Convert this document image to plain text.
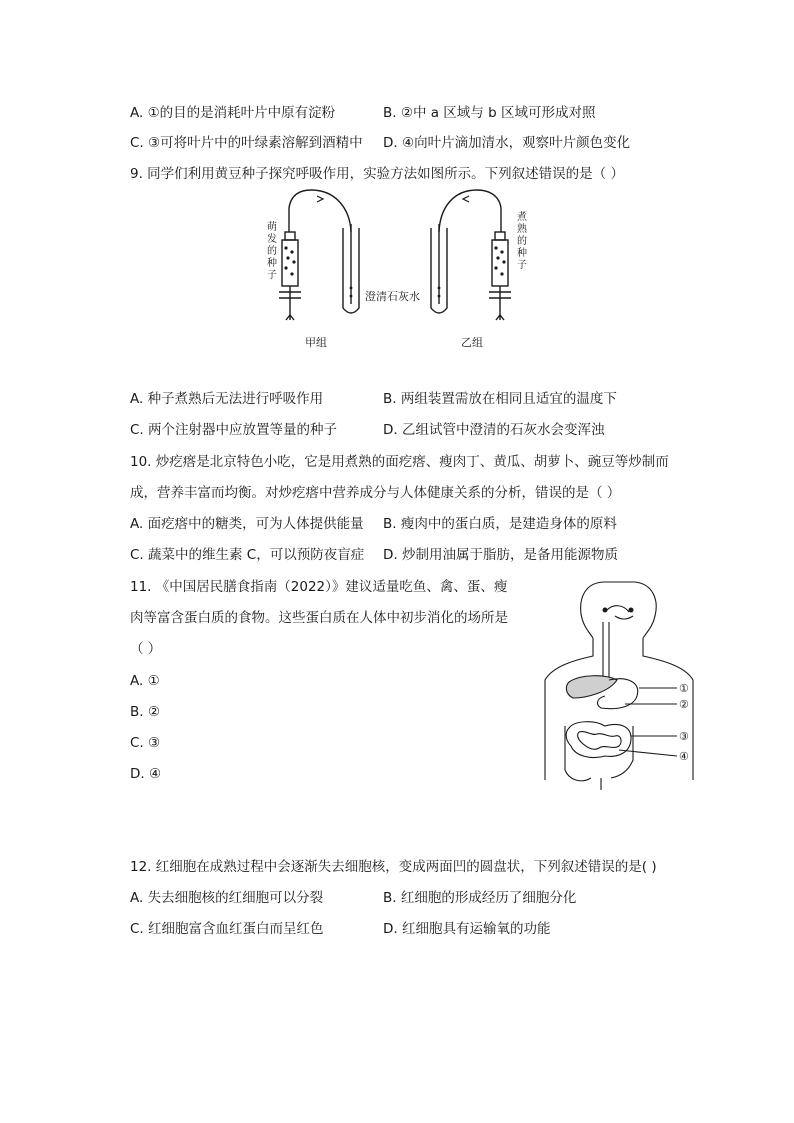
A. ①的目的是消耗叶片中原有淀粉	B. ②中 a 区域与 b 区域可形成对照
C. ③可将叶片中的叶绿素溶解到酒精中 D. ④向叶片滴加清水，观察叶片颜色变化
9. 同学们利用黄豆种子探究呼吸作用，实验方法如图所示。下列叙述错误的是（ ）
萌发的种子
煮熟的种子
澄清石灰水
甲组	乙组
A. 种子煮熟后无法进行呼吸作用	B. 两组装置需放在相同且适宜的温度下
C. 两个注射器中应放置等量的种子	D. 乙组试管中澄清的石灰水会变浑浊
10. 炒疙瘩是北京特色小吃，它是用煮熟的面疙瘩、瘦肉丁、黄瓜、胡萝卜、豌豆等炒制而
成，营养丰富而均衡。对炒疙瘩中营养成分与人体健康关系的分析，错误的是（ ）
A. 面疙瘩中的糖类，可为人体提供能量 B. 瘦肉中的蛋白质，是建造身体的原料
C. 蔬菜中的维生素 C，可以预防夜盲症 D. 炒制用油属于脂肪，是备用能源物质
11. 《中国居民膳食指南（2022）》建议适量吃鱼、禽、蛋、瘦
肉等富含蛋白质的食物。这些蛋白质在人体中初步消化的场所是
（ ）
A. ①
B. ②
C. ③
D. ④
①
②
③
④
12. 红细胞在成熟过程中会逐渐失去细胞核，变成两面凹的圆盘状，下列叙述错误的是( )
A. 失去细胞核的红细胞可以分裂	B. 红细胞的形成经历了细胞分化
C. 红细胞富含血红蛋白而呈红色	D. 红细胞具有运输氧的功能
